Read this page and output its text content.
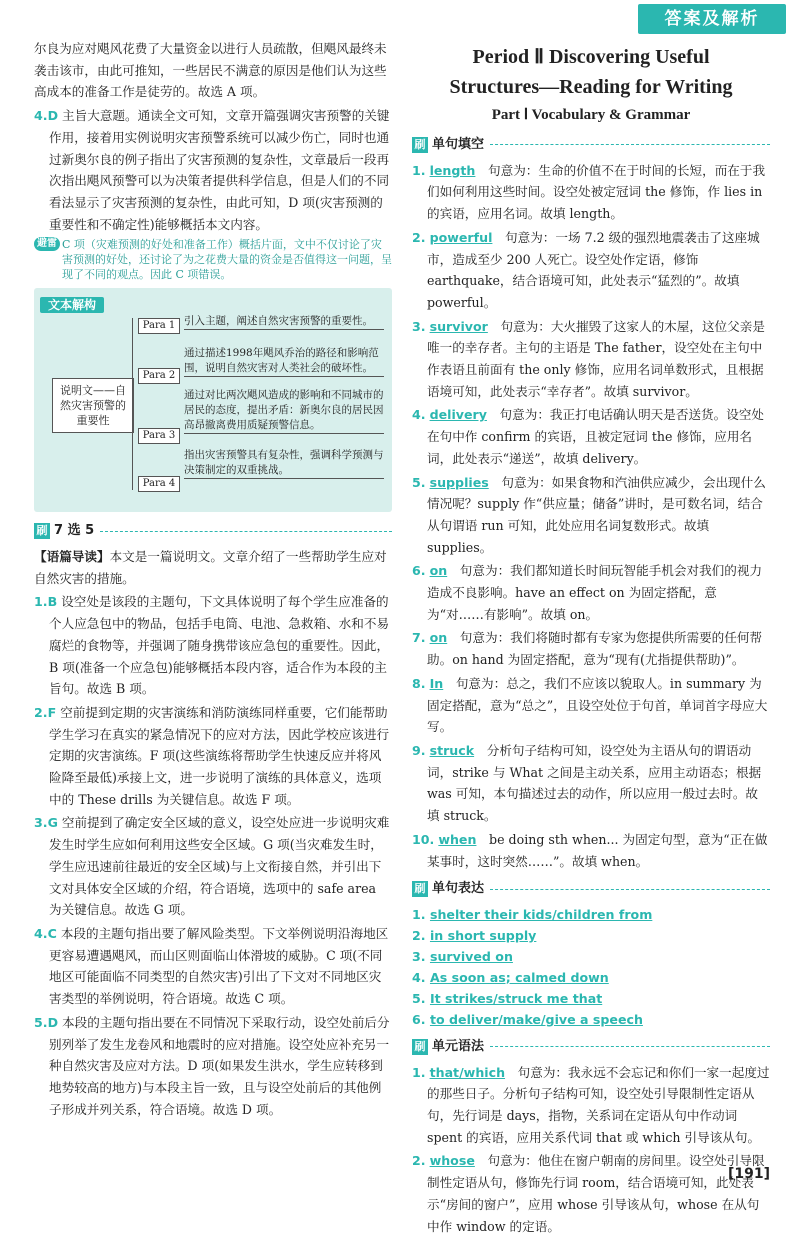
答案及解析

尔良为应对飓风花费了大量资金以进行人员疏散，但飓风最终未袭击该市，由此可推知，一些居民不满意的原因是他们认为这些高成本的准备工作是徒劳的。故选 A 项。

4.D 主旨大意题。通读全文可知，文章开篇强调灾害预警的关键作用，接着用实例说明灾害预警系统可以减少伤亡，同时也通过新奥尔良的例子指出了灾害预测的复杂性，文章最后一段再次指出飓风预警可以为决策者提供科学信息，但是人们的不同看法显示了灾害预测的复杂性，由此可知，D 项(灾害预测的重要性和不确定性)能够概括本文内容。

避雷 C 项（灾难预测的好处和准备工作）概括片面，文中不仅讨论了灾害预测的好处，还讨论了为之花费大量的资金是否值得这一问题，呈现了不同的观点。因此 C 项错误。
文本解构
说明文——自然灾害预警的重要性
Para 1 引入主题，阐述自然灾害预警的重要性。
Para 2
通过描述1998年飓风乔治的路径和影响范围，说明自然灾害对人类社会的破坏性。
Para 3
通过对比两次飓风造成的影响和不同城市的居民的态度，提出矛盾：新奥尔良的居民因高昂撤离费用质疑预警信息。
Para 4
指出灾害预警具有复杂性，强调科学预测与决策制定的双重挑战。
刷 7 选 5

【语篇导读】本文是一篇说明文。文章介绍了一些帮助学生应对自然灾害的措施。

1.B 设空处是该段的主题句，下文具体说明了每个学生应准备的个人应急包中的物品，包括手电筒、电池、急救箱、水和不易腐烂的食物等，并强调了随身携带该应急包的重要性。因此，B 项(准备一个应急包)能够概括本段内容，适合作为本段的主旨句。故选 B 项。

2.F 空前提到定期的灾害演练和消防演练同样重要，它们能帮助学生学习在真实的紧急情况下的应对方法，因此学校应该进行定期的灾害演练。F 项(这些演练将帮助学生快速反应并将风险降至最低)承接上文，进一步说明了演练的具体意义，选项中的 These drills 为关键信息。故选 F 项。

3.G 空前提到了确定安全区域的意义，设空处应进一步说明灾难发生时学生应如何利用这些安全区域。G 项(当灾难发生时，学生应迅速前往最近的安全区域)与上文衔接自然，并引出下文对具体安全区域的介绍，符合语境，选项中的 safe area 为关键信息。故选 G 项。

4.C 本段的主题句指出要了解风险类型。下文举例说明沿海地区更容易遭遇飓风，而山区则面临山体滑坡的威胁。C 项(不同地区可能面临不同类型的自然灾害)引出了下文对不同地区灾害类型的举例说明，符合语境。故选 C 项。

5.D 本段的主题句指出要在不同情况下采取行动，设空处前后分别列举了发生龙卷风和地震时的应对措施。设空处应补充另一种自然灾害及应对方法。D 项(如果发生洪水，学生应转移到地势较高的地方)与本段主旨一致，且与设空处前后的其他例子形成并列关系，符合语境。故选 D 项。

Period Ⅱ Discovering Useful
Structures—Reading for Writing
Part Ⅰ Vocabulary & Grammar
刷 单句填空

1. length　 句意为：生命的价值不在于时间的长短，而在于我们如何利用这些时间。设空处被定冠词 the 修饰，作 lies in 的宾语，应用名词。故填 length。

2. powerful　 句意为：一场 7.2 级的强烈地震袭击了这座城市，造成至少 200 人死亡。设空处作定语，修饰 earthquake，结合语境可知，此处表示“猛烈的”。故填 powerful。

3. survivor　 句意为：大火摧毁了这家人的木屋，这位父亲是唯一的幸存者。主句的主语是 The father，设空处在主句中作表语且前面有 the only 修饰，应用名词单数形式，且根据语境可知，此处表示“幸存者”。故填 survivor。

4. delivery　 句意为：我正打电话确认明天是否送货。设空处在句中作 confirm 的宾语，且被定冠词 the 修饰，应用名词，此处表示“递送”，故填 delivery。

5. supplies　 句意为：如果食物和汽油供应减少，会出现什么情况呢？supply 作“供应量；储备”讲时，是可数名词，结合从句谓语 run 可知，此处应用名词复数形式。故填 supplies。

6. on　 句意为：我们都知道长时间玩智能手机会对我们的视力造成不良影响。have an effect on 为固定搭配，意为“对……有影响”。故填 on。

7. on　 句意为：我们将随时都有专家为您提供所需要的任何帮助。on hand 为固定搭配，意为“现有(尤指提供帮助)”。

8. In　 句意为：总之，我们不应该以貌取人。in summary 为固定搭配，意为“总之”，且设空处位于句首，单词首字母应大写。

9. struck　 分析句子结构可知，设空处为主语从句的谓语动词，strike 与 What 之间是主动关系，应用主动语态；根据 was 可知，本句描述过去的动作，所以应用一般过去时。故填 struck。

10. when　 be doing sth when... 为固定句型，意为“正在做某事时，这时突然……”。故填 when。

刷 单句表达

1. shelter their kids/children from

2. in short supply

3. survived on

4. As soon as; calmed down

5. It strikes/struck me that

6. to deliver/make/give a speech

刷 单元语法

1. that/which　 句意为：我永远不会忘记和你们一家一起度过的那些日子。分析句子结构可知，设空处引导限制性定语从句，先行词是 days，指物，关系词在定语从句中作动词 spent 的宾语，应用关系代词 that 或 which 引导该从句。

2. whose　 句意为：他住在窗户朝南的房间里。设空处引导限制性定语从句，修饰先行词 room，结合语境可知，此处表示“房间的窗户”，应用 whose 引导该从句，whose 在从句中作 window 的定语。

[191]
